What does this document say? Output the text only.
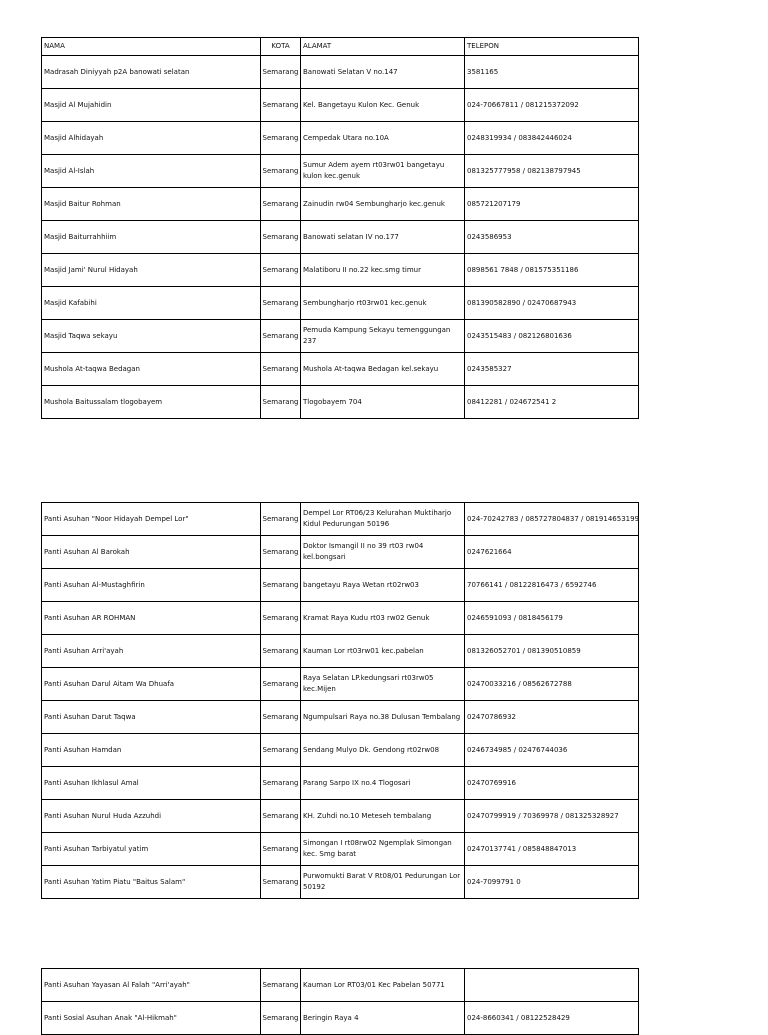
NAMA	KOTA	ALAMAT	TELEPON
Madrasah Diniyyah p2A banowati selatan	Semarang	Banowati Selatan V no.147	3581165
Masjid Al Mujahidin	Semarang	Kel. Bangetayu Kulon Kec. Genuk	024-70667811 / 081215372092
Masjid Alhidayah	Semarang	Cempedak Utara no.10A	0248319934 / 083842446024
Masjid Al-Islah	Semarang	Sumur Adem ayem rt03rw01 bangetayu kulon kec.genuk	081325777958 / 082138797945
Masjid Baitur Rohman	Semarang	Zainudin rw04 Sembungharjo kec.genuk	085721207179
Masjid Baiturrahhiim	Semarang	Banowati selatan IV no.177	0243586953
Masjid Jami' Nurul Hidayah	Semarang	Malatiboru II no.22 kec.smg timur	0898561 7848 / 081575351186
Masjid Kafabihi	Semarang	Sembungharjo rt03rw01 kec.genuk	081390582890 / 02470687943
Masjid Taqwa sekayu	Semarang	Pemuda Kampung Sekayu temenggungan 237	0243515483 / 082126801636
Mushola At-taqwa Bedagan	Semarang	Mushola At-taqwa Bedagan kel.sekayu	0243585327
Mushola Baitussalam tlogobayem	Semarang	Tlogobayem 704	08412281 / 024672541 2
Panti Asuhan "Noor Hidayah Dempel Lor"	Semarang	Dempel Lor RT06/23 Kelurahan Muktiharjo Kidul Pedurungan 50196	024-70242783 / 085727804837 / 081914653199
Panti Asuhan Al Barokah	Semarang	Doktor Ismangil II no 39 rt03 rw04 kel.bongsari	0247621664
Panti Asuhan Al-Mustaghfirin	Semarang	bangetayu Raya Wetan rt02rw03	70766141 / 08122816473 / 6592746
Panti Asuhan AR ROHMAN	Semarang	Kramat Raya Kudu rt03 rw02 Genuk	0246591093 / 0818456179
Panti Asuhan Arri'ayah	Semarang	Kauman Lor rt03rw01 kec.pabelan	081326052701 / 081390510859
Panti Asuhan Darul Aitam Wa Dhuafa	Semarang	Raya Selatan LP.kedungsari rt03rw05 kec.Mijen	02470033216 / 08562672788
Panti Asuhan Darut Taqwa	Semarang	Ngumpulsari Raya no.38 Dulusan Tembalang	02470786932
Panti Asuhan Hamdan	Semarang	Sendang Mulyo Dk. Gendong rt02rw08	0246734985 / 02476744036
Panti Asuhan Ikhlasul Amal	Semarang	Parang Sarpo IX no.4 Tlogosari	02470769916
Panti Asuhan Nurul Huda Azzuhdi	Semarang	KH. Zuhdi no.10 Meteseh tembalang	02470799919 / 70369978 / 081325328927
Panti Asuhan Tarbiyatul yatim	Semarang	Simongan I rt08rw02 Ngemplak Simongan kec. Smg barat	02470137741 / 085848847013
Panti Asuhan Yatim Piatu "Baitus Salam"	Semarang	Purwomukti Barat V Rt08/01 Pedurungan Lor 50192	024-7099791 0
Panti Asuhan Yayasan Al Falah "Arri'ayah"	Semarang	Kauman Lor RT03/01 Kec Pabelan 50771	
Panti Sosial Asuhan Anak "Al-Hikmah"	Semarang	Beringin Raya 4	024-8660341 / 08122528429
